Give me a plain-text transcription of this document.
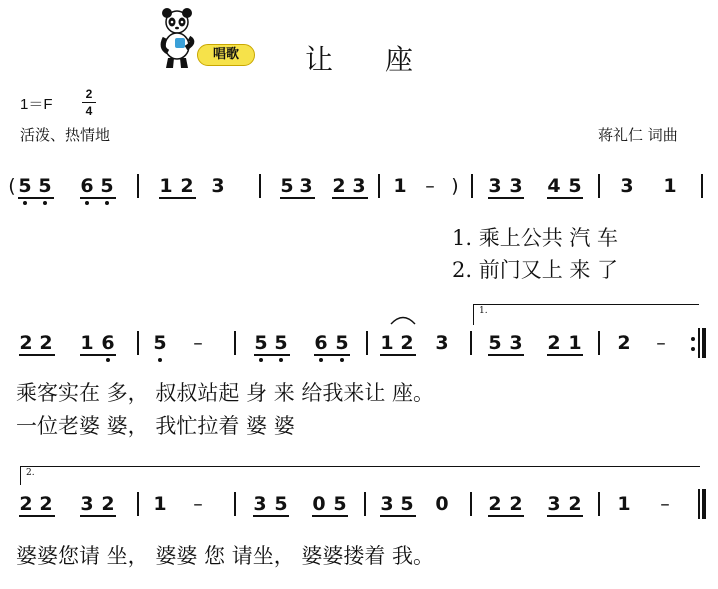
唱歌	让座
1＝F
2
4
活泼、热情地	蒋礼仁 词曲
( 5 5 6 5 1 2 3	5 3 2 3 1 – ) 3 3 4 5 3 1
1. 乘上公共 汽 车
2. 前门又上 来 了
1.
2 2 1 6 5 –	5 5 6 5 1 2 3 5 3 2 1 2 –
乘客实在 多， 叔叔站起 身 来 给我来让 座。
一位老婆 婆， 我忙拉着 婆 婆
2.
2 2 3 2 1 –	3 5 0 5 3 5 0 2 2 3 2 1 –
婆婆您请 坐， 婆婆 您 请坐， 婆婆搂着 我。
